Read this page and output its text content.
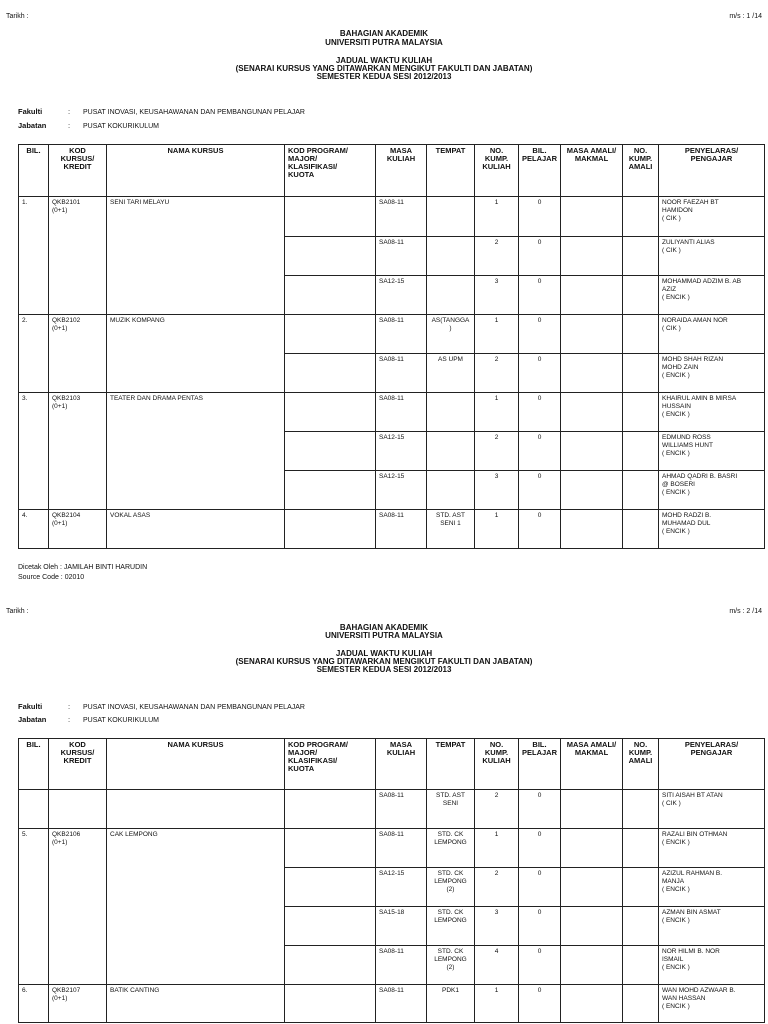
Tarikh :	m/s : 1 /14
BAHAGIAN AKADEMIK
UNIVERSITI PUTRA MALAYSIA
JADUAL WAKTU KULIAH
(SENARAI KURSUS YANG DITAWARKAN MENGIKUT FAKULTI DAN JABATAN)
SEMESTER KEDUA SESI 2012/2013
Fakulti	: PUSAT INOVASI, KEUSAHAWANAN DAN PEMBANGUNAN PELAJAR
Jabatan	: PUSAT KOKURIKULUM
BIL.	KOD KURSUS/
KREDIT	NAMA KURSUS	KOD PROGRAM/
MAJOR/
KLASIFIKASI/
KUOTA	MASA
KULIAH	TEMPAT	NO.
KUMP.
KULIAH	BIL.
PELAJAR	MASA AMALI/
MAKMAL	NO.
KUMP.
AMALI	PENYELARAS/
PENGAJAR
1.	QKB2101
(0+1)	SENI TARI MELAYU		SA08-11		1	0			NOOR FAEZAH BT
HAMIDON
( CIK )
				SA08-11		2	0			ZULIYANTI ALIAS
( CIK )
				SA12-15		3	0			MOHAMMAD ADZIM B. AB
AZIZ
( ENCIK )
2.	QKB2102
(0+1)	MUZIK KOMPANG		SA08-11	AS(TANGGA
)	1	0			NORAIDA AMAN NOR
( CIK )
				SA08-11	AS UPM	2	0			MOHD SHAH RIZAN
MOHD ZAIN
( ENCIK )
3.	QKB2103
(0+1)	TEATER DAN DRAMA PENTAS		SA08-11		1	0			KHAIRUL AMIN B MIRSA
HUSSAIN
( ENCIK )
				SA12-15		2	0			EDMUND ROSS
WILLIAMS HUNT
( ENCIK )
				SA12-15		3	0			AHMAD QADRI B. BASRI
@ BOSERI
( ENCIK )
4.	QKB2104
(0+1)	VOKAL ASAS		SA08-11	STD. AST
SENI 1	1	0			MOHD RADZI B.
MUHAMAD DUL
( ENCIK )
Dicetak Oleh : JAMILAH BINTI HARUDIN
Source Code : 02010
Tarikh :	m/s : 2 /14
BAHAGIAN AKADEMIK
UNIVERSITI PUTRA MALAYSIA
JADUAL WAKTU KULIAH
(SENARAI KURSUS YANG DITAWARKAN MENGIKUT FAKULTI DAN JABATAN)
SEMESTER KEDUA SESI 2012/2013
Fakulti	: PUSAT INOVASI, KEUSAHAWANAN DAN PEMBANGUNAN PELAJAR
Jabatan	: PUSAT KOKURIKULUM
BIL.	KOD KURSUS/
KREDIT	NAMA KURSUS	KOD PROGRAM/
MAJOR/
KLASIFIKASI/
KUOTA	MASA
KULIAH	TEMPAT	NO.
KUMP.
KULIAH	BIL.
PELAJAR	MASA AMALI/
MAKMAL	NO.
KUMP.
AMALI	PENYELARAS/
PENGAJAR
				SA08-11	STD. AST
SENI	2	0			SITI AISAH BT ATAN
( CIK )
5.	QKB2106
(0+1)	CAK LEMPONG		SA08-11	STD. CK
LEMPONG	1	0			RAZALI BIN OTHMAN
( ENCIK )
				SA12-15	STD. CK
LEMPONG
(2)	2	0			AZIZUL RAHMAN B.
MANJA
( ENCIK )
				SA15-18	STD. CK
LEMPONG	3	0			AZMAN BIN ASMAT
( ENCIK )
				SA08-11	STD. CK
LEMPONG
(2)	4	0			NOR HILMI B. NOR
ISMAIL
( ENCIK )
6.	QKB2107
(0+1)	BATIK CANTING		SA08-11	PDK1	1	0			WAN MOHD AZWAAR B.
WAN HASSAN
( ENCIK )
